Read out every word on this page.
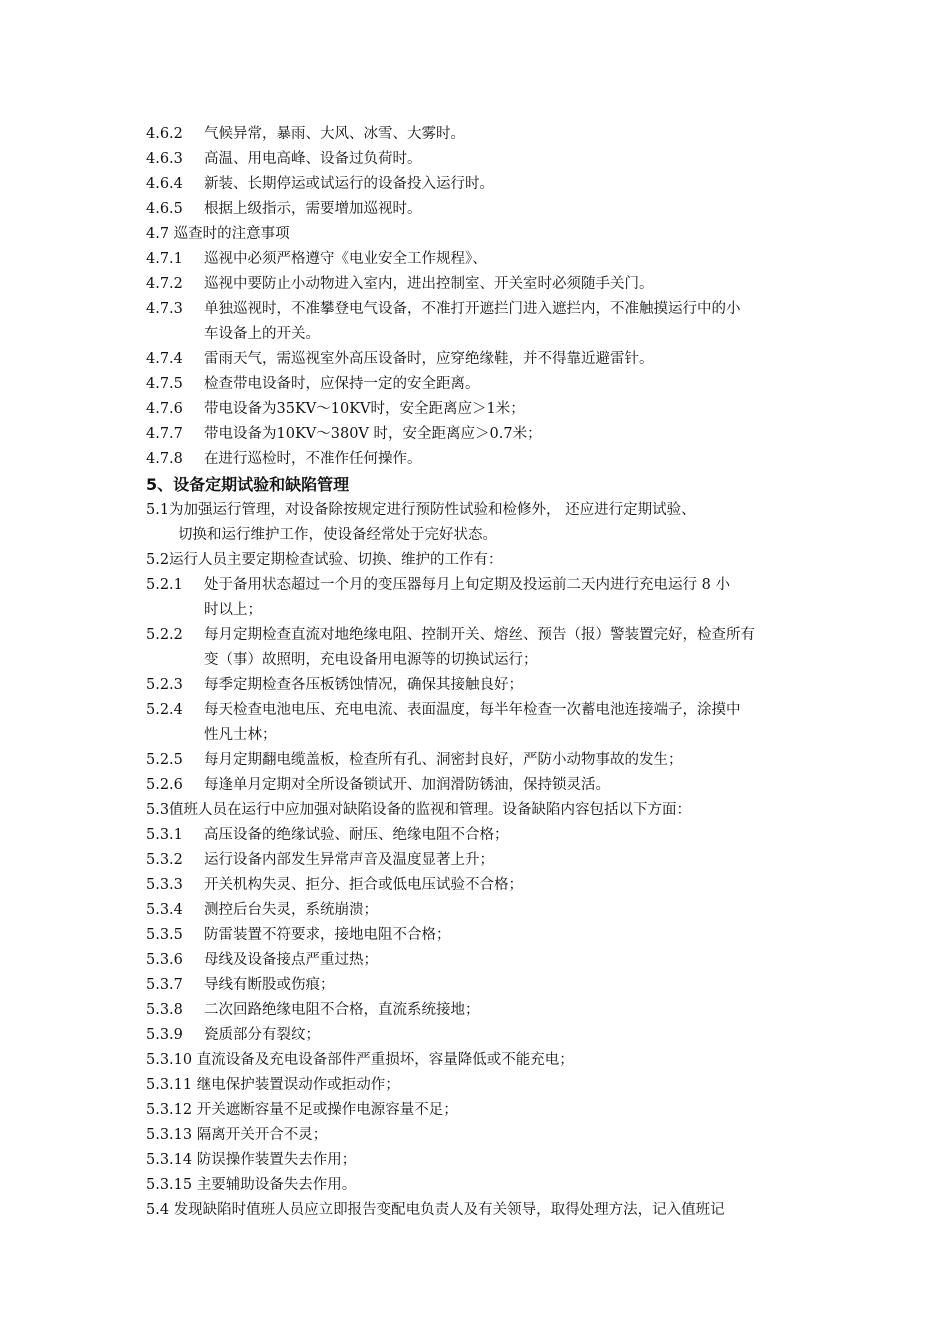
4.6.2 气候异常，暴雨、大风、冰雪、大雾时。
4.6.3 高温、用电高峰、设备过负荷时。
4.6.4 新装、长期停运或试运行的设备投入运行时。
4.6.5 根据上级指示，需要增加巡视时。
4.7 巡查时的注意事项
4.7.1 巡视中必须严格遵守《电业安全工作规程》、
4.7.2 巡视中要防止小动物进入室内，进出控制室、开关室时必须随手关门。
4.7.3 单独巡视时，不准攀登电气设备，不准打开遮拦门进入遮拦内，不准触摸运行中的小
车设备上的开关。
4.7.4 雷雨天气，需巡视室外高压设备时，应穿绝缘鞋，并不得靠近避雷针。
4.7.5 检查带电设备时，应保持一定的安全距离。
4.7.6 带电设备为35KV～10KV时，安全距离应＞1米；
4.7.7 带电设备为10KV～380V 时，安全距离应＞0.7米；
4.7.8 在进行巡检时，不准作任何操作。
5、设备定期试验和缺陷管理
5.1为加强运行管理，对设备除按规定进行预防性试验和检修外， 还应进行定期试验、
切换和运行维护工作，使设备经常处于完好状态。
5.2运行人员主要定期检查试验、切换、维护的工作有：
5.2.1 处于备用状态超过一个月的变压器每月上旬定期及投运前二天内进行充电运行 8 小
时以上；
5.2.2 每月定期检查直流对地绝缘电阻、控制开关、熔丝、预告（报）警装置完好，检查所有
变（事）故照明，充电设备用电源等的切换试运行；
5.2.3 每季定期检查各压板锈蚀情况，确保其接触良好；
5.2.4 每天检查电池电压、充电电流、表面温度，每半年检查一次蓄电池连接端子，涂摸中
性凡士林；
5.2.5 每月定期翻电缆盖板，检查所有孔、洞密封良好，严防小动物事故的发生；
5.2.6 每逢单月定期对全所设备锁试开、加润滑防锈油，保持锁灵活。
5.3值班人员在运行中应加强对缺陷设备的监视和管理。设备缺陷内容包括以下方面：
5.3.1 高压设备的绝缘试验、耐压、绝缘电阻不合格；
5.3.2 运行设备内部发生异常声音及温度显著上升；
5.3.3 开关机构失灵、拒分、拒合或低电压试验不合格；
5.3.4 测控后台失灵，系统崩溃；
5.3.5 防雷装置不符要求，接地电阻不合格；
5.3.6 母线及设备接点严重过热；
5.3.7 导线有断股或伤痕；
5.3.8 二次回路绝缘电阻不合格，直流系统接地；
5.3.9 瓷质部分有裂纹；
5.3.10 直流设备及充电设备部件严重损坏，容量降低或不能充电；
5.3.11 继电保护装置误动作或拒动作；
5.3.12 开关遮断容量不足或操作电源容量不足；
5.3.13 隔离开关开合不灵；
5.3.14 防误操作装置失去作用；
5.3.15 主要辅助设备失去作用。
5.4 发现缺陷时值班人员应立即报告变配电负责人及有关领导，取得处理方法，记入值班记
